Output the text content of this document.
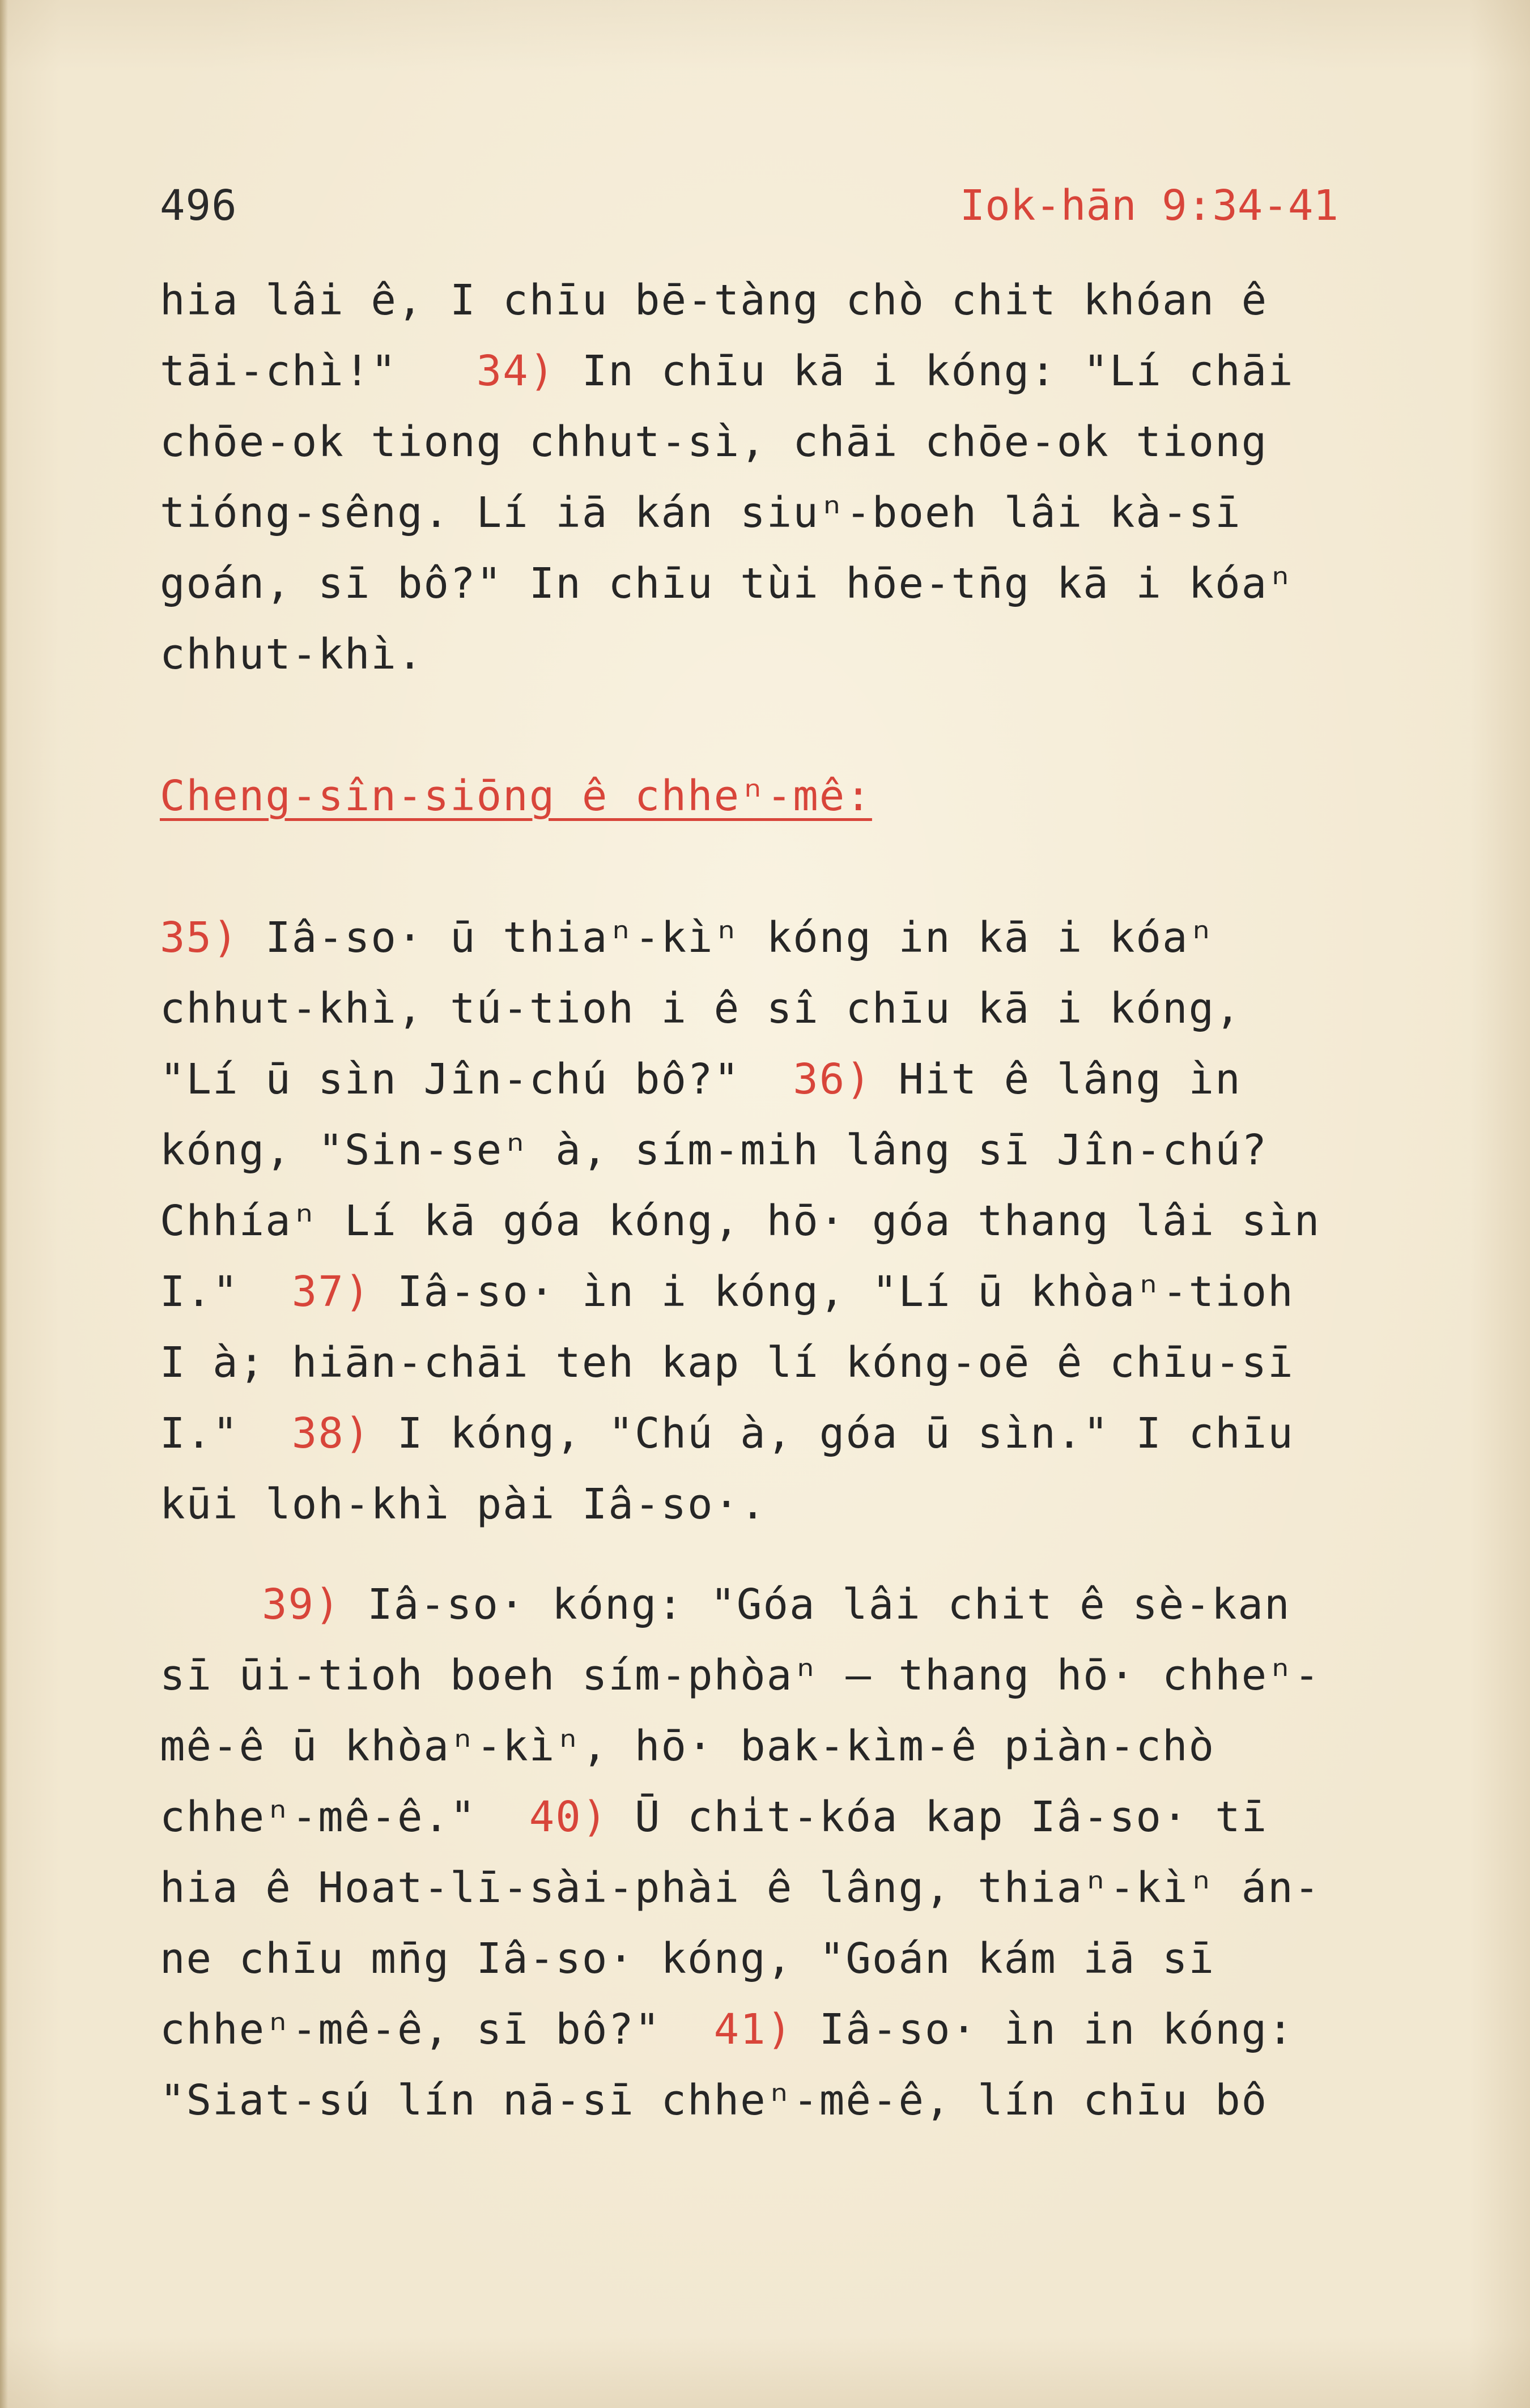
496	Iok-hān 9:34-41
hia lâi ê, I chīu bē-tàng chò chit khóan ê
tāi-chì!" 34) In chīu kā i kóng: "Lí chāi
chōe-ok tiong chhut-sì, chāi chōe-ok tiong
tióng-sêng. Lí iā kán siuⁿ-boeh lâi kà-sī
goán, sī bô?" In chīu tùi hōe-tn̄g kā i kóaⁿ
chhut-khì.
Cheng-sîn-siōng ê chheⁿ-mê:
35) Iâ-so· ū thiaⁿ-kìⁿ kóng in kā i kóaⁿ
chhut-khì, tú-tioh i ê sî chīu kā i kóng,
"Lí ū sìn Jîn-chú bô?" 36) Hit ê lâng ìn
kóng, "Sin-seⁿ à, sím-mih lâng sī Jîn-chú?
Chhíaⁿ Lí kā góa kóng, hō· góa thang lâi sìn
I." 37) Iâ-so· ìn i kóng, "Lí ū khòaⁿ-tioh
I à; hiān-chāi teh kap lí kóng-oē ê chīu-sī
I." 38) I kóng, "Chú à, góa ū sìn." I chīu
kūi loh-khì pài Iâ-so·.
39) Iâ-so· kóng: "Góa lâi chit ê sè-kan
sī ūi-tioh boeh sím-phòaⁿ — thang hō· chheⁿ-
mê-ê ū khòaⁿ-kìⁿ, hō· bak-kìm-ê piàn-chò
chheⁿ-mê-ê." 40) Ū chi̍t-kóa kap Iâ-so· tī
hia ê Hoat-lī-sài-phài ê lâng, thiaⁿ-kìⁿ án-
ne chīu mn̄g Iâ-so· kóng, "Goán kám iā sī
chheⁿ-mê-ê, sī bô?" 41) Iâ-so· ìn in kóng:
"Siat-sú lín nā-sī chheⁿ-mê-ê, lín chīu bô
